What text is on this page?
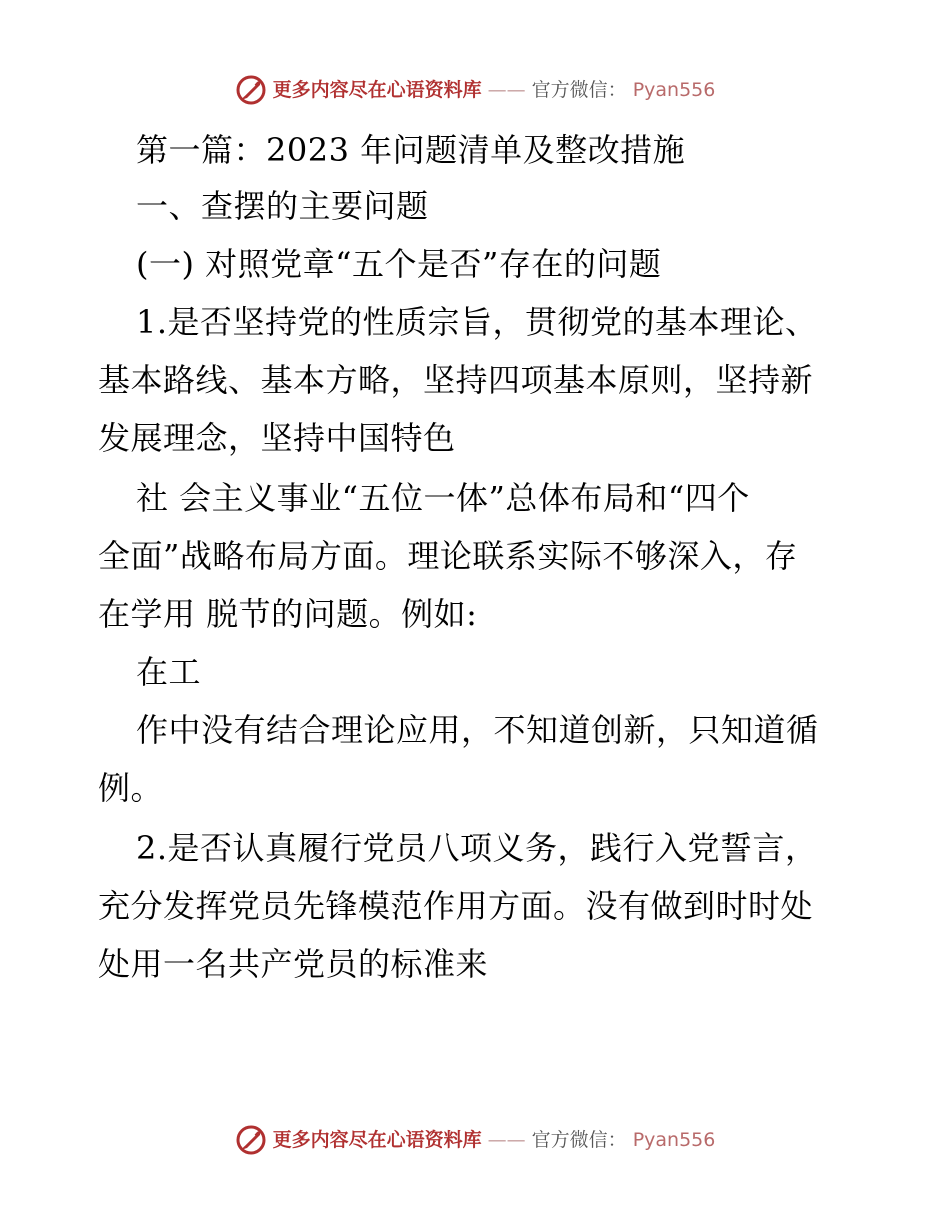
更多内容尽在心语资料库 —— 官方微信： Pyan556
第一篇：2023 年问题清单及整改措施
一、查摆的主要问题
(一) 对照党章“五个是否”存在的问题
1.是否坚持党的性质宗旨，贯彻党的基本理论、
基本路线、基本方略，坚持四项基本原则，坚持新
发展理念，坚持中国特色
社 会主义事业“五位一体”总体布局和“四个
全面”战略布局方面。理论联系实际不够深入，存
在学用 脱节的问题。例如:
在工
作中没有结合理论应用，不知道创新，只知道循
例。
2.是否认真履行党员八项义务，践行入党誓言，
充分发挥党员先锋模范作用方面。没有做到时时处
处用一名共产党员的标准来
更多内容尽在心语资料库 —— 官方微信： Pyan556
